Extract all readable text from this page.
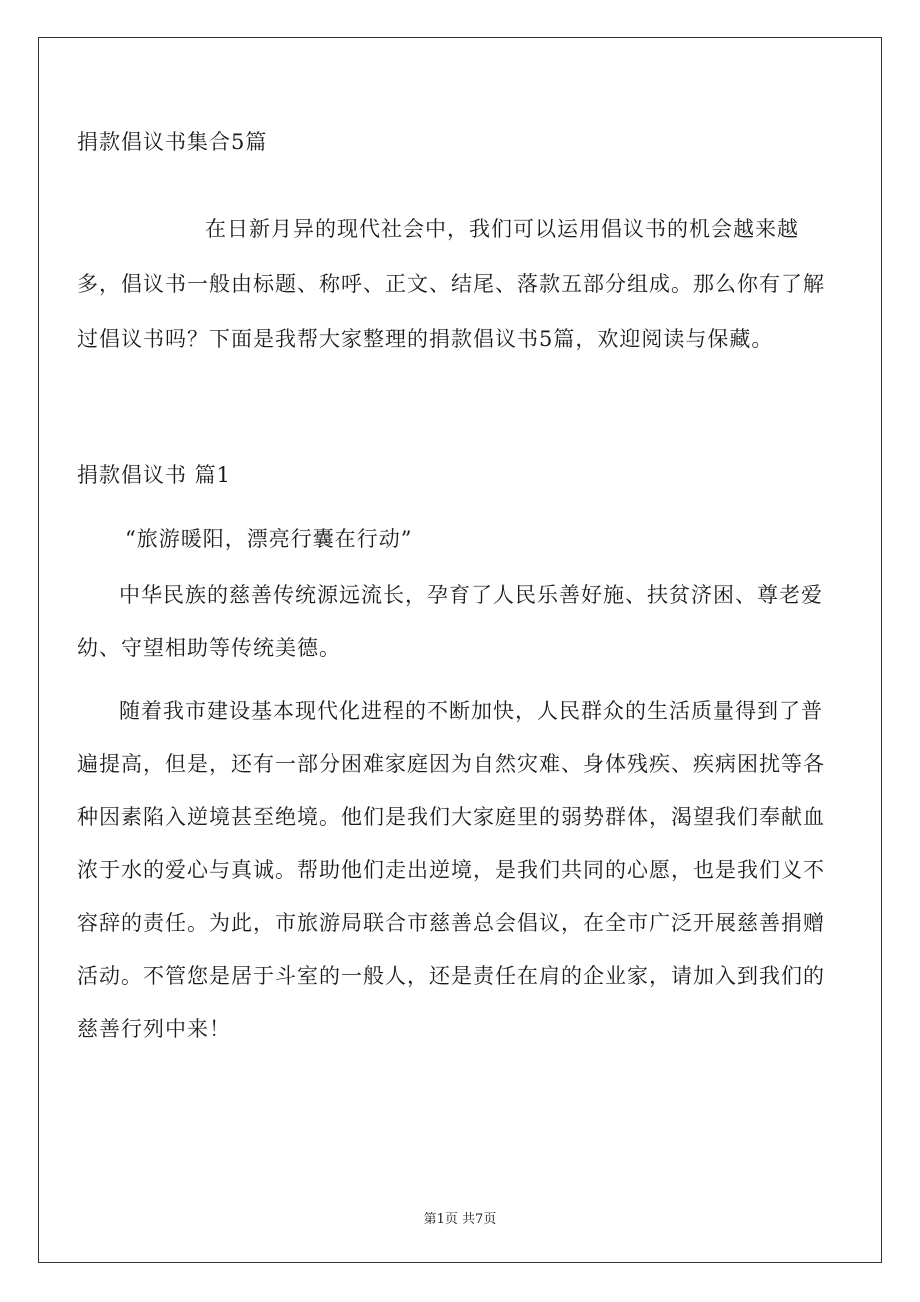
捐款倡议书集合5篇

在日新月异的现代社会中，我们可以运用倡议书的机会越来越多，倡议书一般由标题、称呼、正文、结尾、落款五部分组成。那么你有了解过倡议书吗？下面是我帮大家整理的捐款倡议书5篇，欢迎阅读与保藏。

捐款倡议书 篇1

“旅游暖阳，漂亮行囊在行动”

中华民族的慈善传统源远流长，孕育了人民乐善好施、扶贫济困、尊老爱幼、守望相助等传统美德。

随着我市建设基本现代化进程的不断加快，人民群众的生活质量得到了普遍提高，但是，还有一部分困难家庭因为自然灾难、身体残疾、疾病困扰等各种因素陷入逆境甚至绝境。他们是我们大家庭里的弱势群体，渴望我们奉献血浓于水的爱心与真诚。帮助他们走出逆境，是我们共同的心愿，也是我们义不容辞的责任。为此，市旅游局联合市慈善总会倡议，在全市广泛开展慈善捐赠活动。不管您是居于斗室的一般人，还是责任在肩的企业家，请加入到我们的慈善行列中来！

第1页 共7页
